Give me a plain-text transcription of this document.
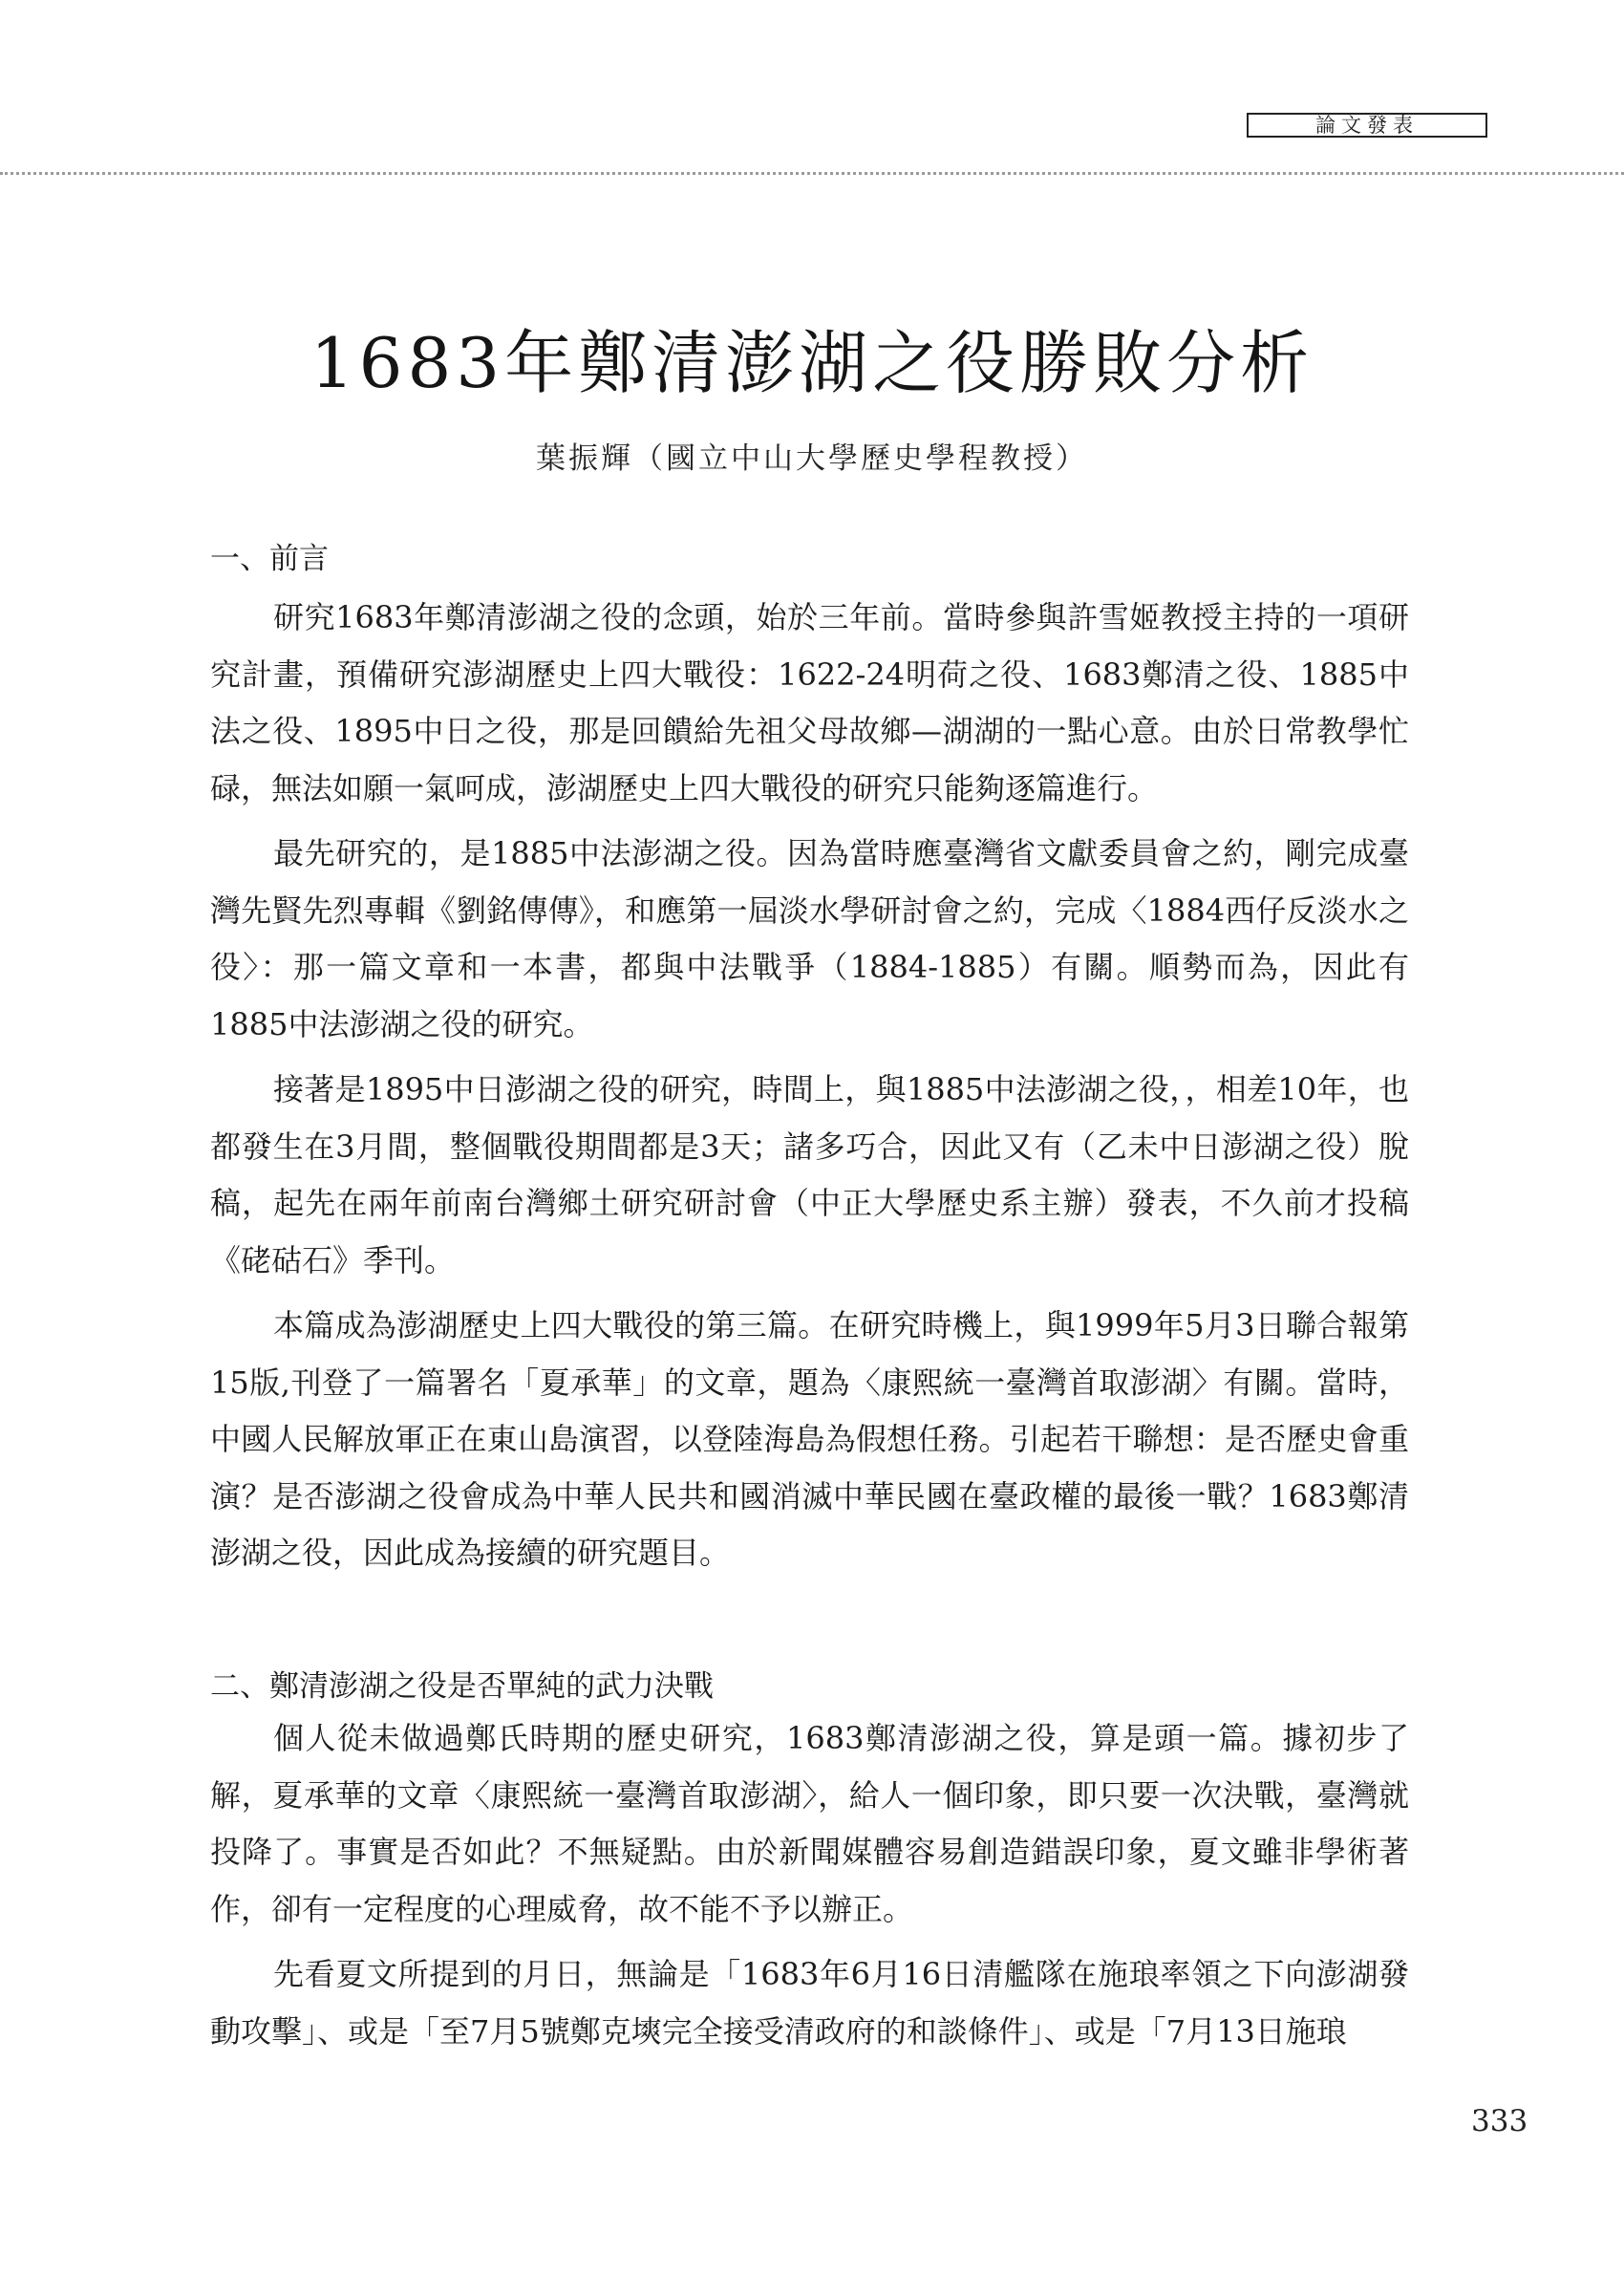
論文發表
1683年鄭清澎湖之役勝敗分析
葉振輝（國立中山大學歷史學程教授）
一、前言

研究1683年鄭清澎湖之役的念頭，始於三年前。當時參與許雪姬教授主持的一項研究計畫，預備研究澎湖歷史上四大戰役：1622-24明荷之役、1683鄭清之役、1885中法之役、1895中日之役，那是回饋給先祖父母故鄉—湖湖的一點心意。由於日常教學忙碌，無法如願一氣呵成，澎湖歷史上四大戰役的研究只能夠逐篇進行。

最先研究的，是1885中法澎湖之役。因為當時應臺灣省文獻委員會之約，剛完成臺灣先賢先烈專輯《劉銘傳傳》，和應第一屆淡水學研討會之約，完成〈1884西仔反淡水之役〉：那一篇文章和一本書，都與中法戰爭（1884-1885）有關。順勢而為，因此有1885中法澎湖之役的研究。

接著是1895中日澎湖之役的研究，時間上，與1885中法澎湖之役，，相差10年，也都發生在3月間，整個戰役期間都是3天；諸多巧合，因此又有（乙未中日澎湖之役）脫稿，起先在兩年前南台灣鄉土研究研討會（中正大學歷史系主辦）發表，不久前才投稿《硓𥑮石》季刊。

本篇成為澎湖歷史上四大戰役的第三篇。在研究時機上，與1999年5月3日聯合報第15版,刊登了一篇署名「夏承華」的文章，題為〈康熙統一臺灣首取澎湖〉有關。當時，中國人民解放軍正在東山島演習，以登陸海島為假想任務。引起若干聯想：是否歷史會重演？是否澎湖之役會成為中華人民共和國消滅中華民國在臺政權的最後一戰？1683鄭清澎湖之役，因此成為接續的研究題目。

二、鄭清澎湖之役是否單純的武力決戰

個人從未做過鄭氏時期的歷史研究，1683鄭清澎湖之役，算是頭一篇。據初步了解，夏承華的文章〈康熙統一臺灣首取澎湖〉，給人一個印象，即只要一次決戰，臺灣就投降了。事實是否如此？不無疑點。由於新聞媒體容易創造錯誤印象，夏文雖非學術著作，卻有一定程度的心理威脅，故不能不予以辦正。

先看夏文所提到的月日，無論是「1683年6月16日清艦隊在施琅率領之下向澎湖發動攻擊」、或是「至7月5號鄭克塽完全接受清政府的和談條件」、或是「7月13日施琅

333
